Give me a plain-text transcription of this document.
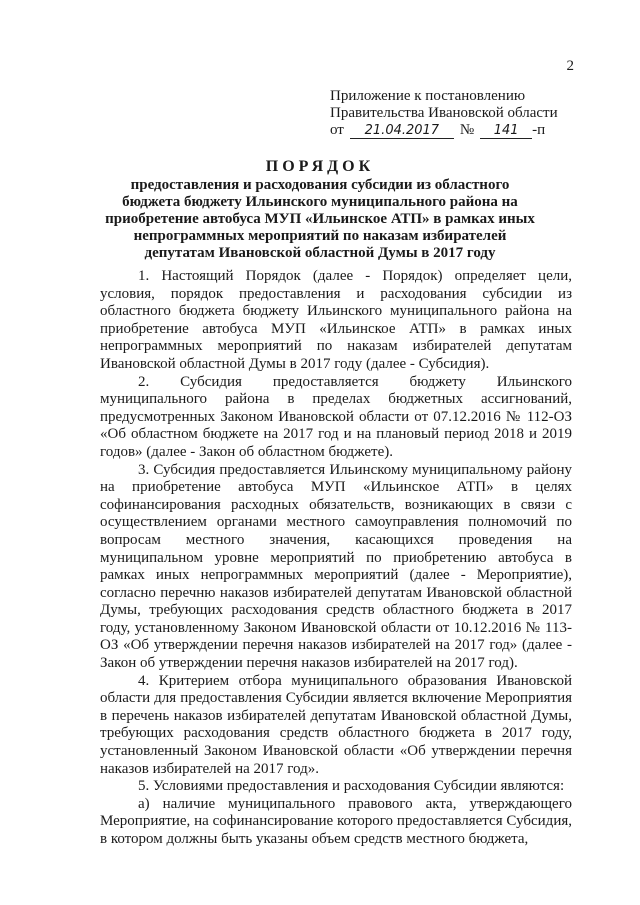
2
Приложение к постановлению
Правительства Ивановской области
от	21.04.2017	№	141 -п
ПОРЯДОК
предоставления и расходования субсидии из областного бюджета бюджету Ильинского муниципального района на приобретение автобуса МУП «Ильинское АТП» в рамках иных непрограммных мероприятий по наказам избирателей депутатам Ивановской областной Думы в 2017 году

1. Настоящий Порядок (далее - Порядок) определяет цели, условия, порядок предоставления и расходования субсидии из областного бюджета бюджету Ильинского муниципального района на приобретение автобуса МУП «Ильинское АТП» в рамках иных непрограммных мероприятий по наказам избирателей депутатам Ивановской областной Думы в 2017 году (далее - Субсидия).

2. Субсидия предоставляется бюджету Ильинского муниципального района в пределах бюджетных ассигнований, предусмотренных Законом Ивановской области от 07.12.2016 № 112-ОЗ «Об областном бюджете на 2017 год и на плановый период 2018 и 2019 годов» (далее - Закон об областном бюджете).

3. Субсидия предоставляется Ильинскому муниципальному району на приобретение автобуса МУП «Ильинское АТП» в целях софинансирования расходных обязательств, возникающих в связи с осуществлением органами местного самоуправления полномочий по вопросам местного значения, касающихся проведения на муниципальном уровне мероприятий по приобретению автобуса в рамках иных непрограммных мероприятий (далее - Мероприятие), согласно перечню наказов избирателей депутатам Ивановской областной Думы, требующих расходования средств областного бюджета в 2017 году, установленному Законом Ивановской области от 10.12.2016 № 113-ОЗ «Об утверждении перечня наказов избирателей на 2017 год» (далее - Закон об утверждении перечня наказов избирателей на 2017 год).

4. Критерием отбора муниципального образования Ивановской области для предоставления Субсидии является включение Мероприятия в перечень наказов избирателей депутатам Ивановской областной Думы, требующих расходования средств областного бюджета в 2017 году, установленный Законом Ивановской области «Об утверждении перечня наказов избирателей на 2017 год».

5. Условиями предоставления и расходования Субсидии являются:

а) наличие муниципального правового акта, утверждающего Мероприятие, на софинансирование которого предоставляется Субсидия, в котором должны быть указаны объем средств местного бюджета,
